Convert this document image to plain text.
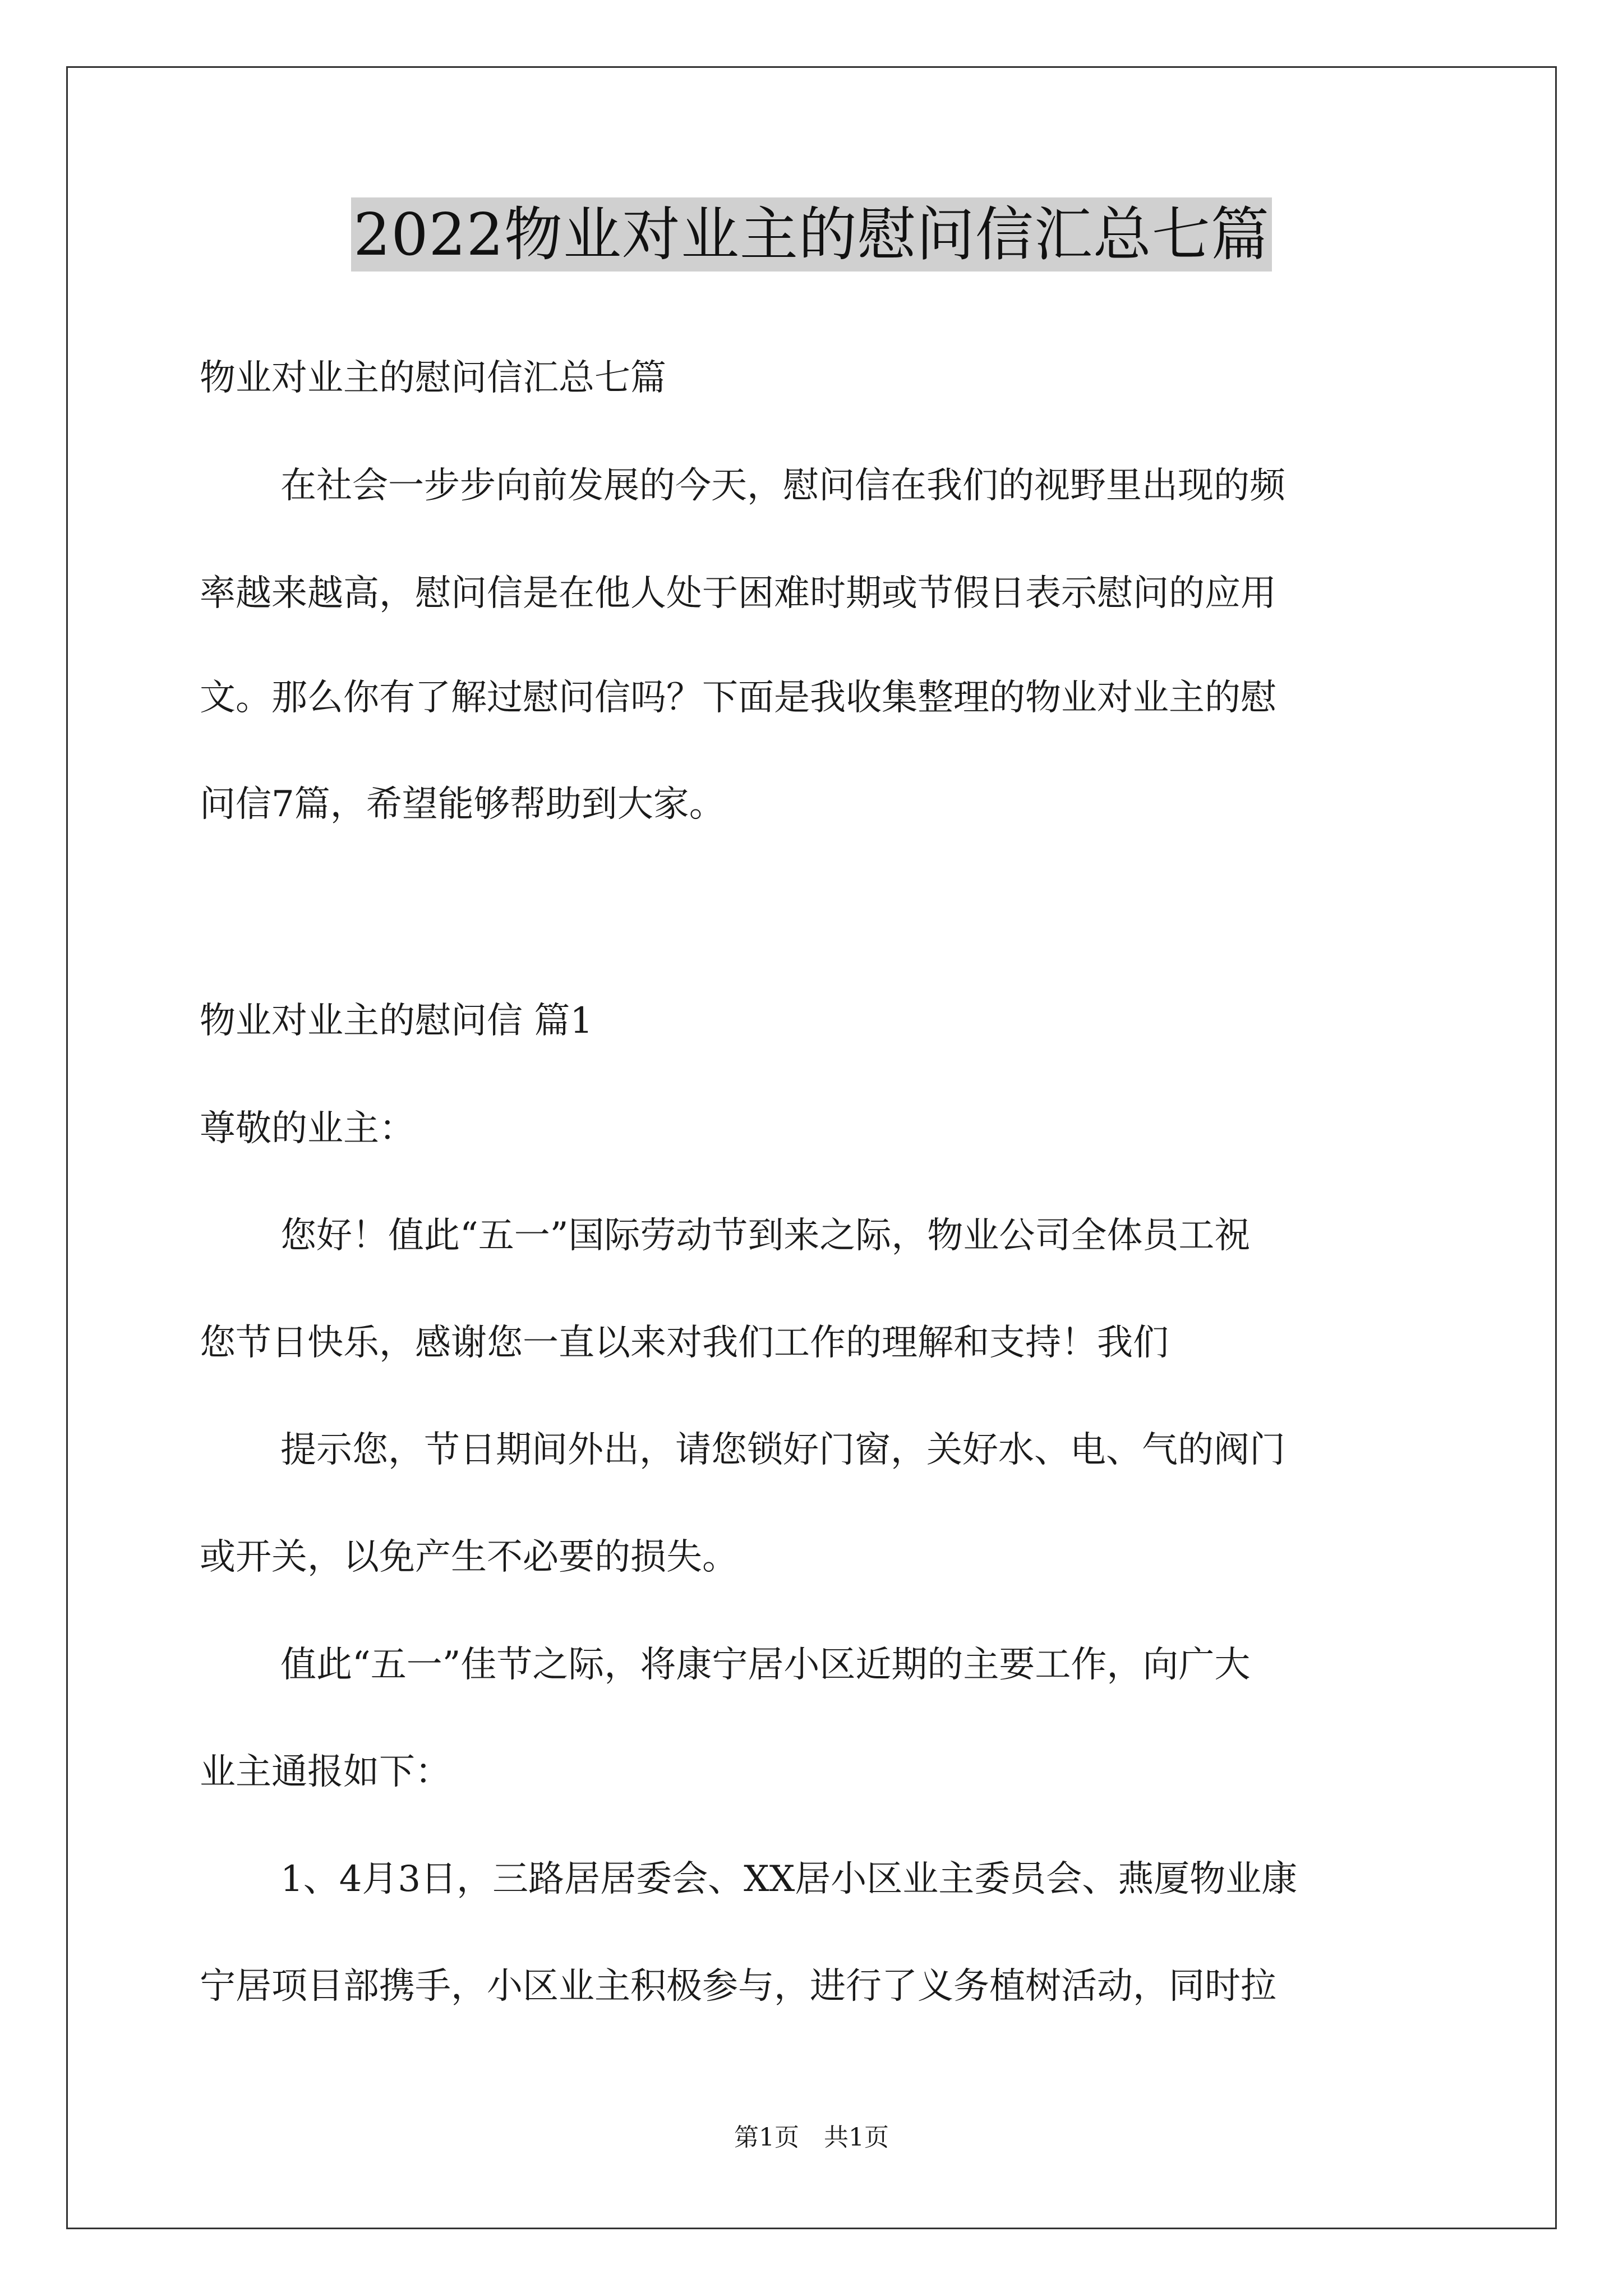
2022物业对业主的慰问信汇总七篇
物业对业主的慰问信汇总七篇
在社会一步步向前发展的今天，慰问信在我们的视野里出现的频
率越来越高，慰问信是在他人处于困难时期或节假日表示慰问的应用
文。那么你有了解过慰问信吗？下面是我收集整理的物业对业主的慰
问信7篇，希望能够帮助到大家。
物业对业主的慰问信 篇1
尊敬的业主：
您好！值此“五一”国际劳动节到来之际，物业公司全体员工祝
您节日快乐，感谢您一直以来对我们工作的理解和支持！我们
提示您，节日期间外出，请您锁好门窗，关好水、电、气的阀门
或开关，以免产生不必要的损失。
值此“五一”佳节之际，将康宁居小区近期的主要工作，向广大
业主通报如下：
1、4月3日，三路居居委会、XX居小区业主委员会、燕厦物业康
宁居项目部携手，小区业主积极参与，进行了义务植树活动，同时拉
第1页 共1页
